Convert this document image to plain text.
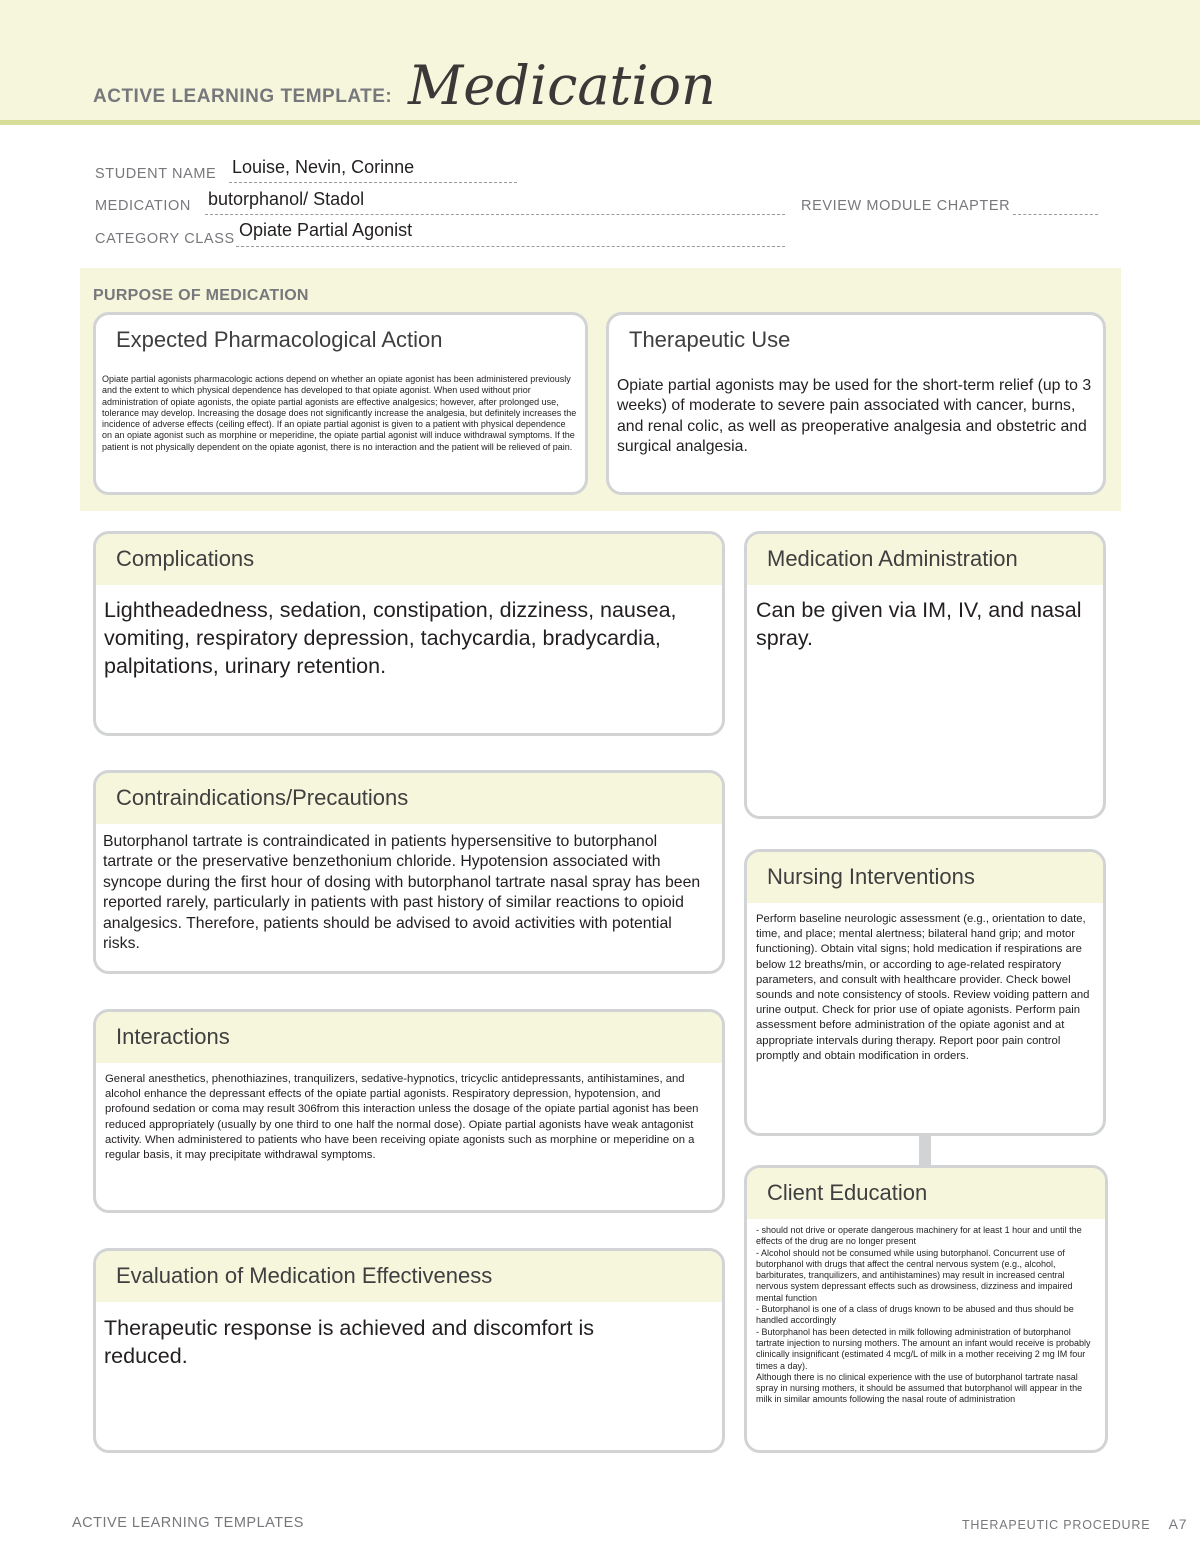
ACTIVE LEARNING TEMPLATE: Medication
STUDENT NAME Louise, Nevin, Corinne
MEDICATION butorphanol/ Stadol	REVIEW MODULE CHAPTER
CATEGORY CLASS Opiate Partial Agonist
PURPOSE OF MEDICATION
Expected Pharmacological Action
Opiate partial agonists pharmacologic actions depend on whether an opiate agonist has been administered previously and the extent to which physical dependence has developed to that opiate agonist. When used without prior administration of opiate agonists, the opiate partial agonists are effective analgesics; however, after prolonged use, tolerance may develop. Increasing the dosage does not significantly increase the analgesia, but definitely increases the incidence of adverse effects (ceiling effect). If an opiate partial agonist is given to a patient with physical dependence on an opiate agonist such as morphine or meperidine, the opiate partial agonist will induce withdrawal symptoms. If the patient is not physically dependent on the opiate agonist, there is no interaction and the patient will be relieved of pain.
Therapeutic Use
Opiate partial agonists may be used for the short-term relief (up to 3 weeks) of moderate to severe pain associated with cancer, burns, and renal colic, as well as preoperative analgesia and obstetric and surgical analgesia.
Complications
Lightheadedness, sedation, constipation, dizziness, nausea, vomiting, respiratory depression, tachycardia, bradycardia, palpitations, urinary retention.
Medication Administration
Can be given via IM, IV, and nasal spray.
Contraindications/Precautions
Butorphanol tartrate is contraindicated in patients hypersensitive to butorphanol tartrate or the preservative benzethonium chloride. Hypotension associated with syncope during the first hour of dosing with butorphanol tartrate nasal spray has been reported rarely, particularly in patients with past history of similar reactions to opioid analgesics. Therefore, patients should be advised to avoid activities with potential risks.
Nursing Interventions
Perform baseline neurologic assessment (e.g., orientation to date, time, and place; mental alertness; bilateral hand grip; and motor functioning). Obtain vital signs; hold medication if respirations are below 12 breaths/min, or according to age-related respiratory parameters, and consult with healthcare provider. Check bowel sounds and note consistency of stools. Review voiding pattern and urine output. Check for prior use of opiate agonists. Perform pain assessment before administration of the opiate agonist and at appropriate intervals during therapy. Report poor pain control promptly and obtain modification in orders.
Interactions
General anesthetics, phenothiazines, tranquilizers, sedative-hypnotics, tricyclic antidepressants, antihistamines, and alcohol enhance the depressant effects of the opiate partial agonists. Respiratory depression, hypotension, and profound sedation or coma may result 306from this interaction unless the dosage of the opiate partial agonist has been reduced appropriately (usually by one third to one half the normal dose). Opiate partial agonists have weak antagonist activity. When administered to patients who have been receiving opiate agonists such as morphine or meperidine on a regular basis, it may precipitate withdrawal symptoms.
Client Education
- should not drive or operate dangerous machinery for at least 1 hour and until the effects of the drug are no longer present
- Alcohol should not be consumed while using butorphanol. Concurrent use of butorphanol with drugs that affect the central nervous system (e.g., alcohol, barbiturates, tranquilizers, and antihistamines) may result in increased central nervous system depressant effects such as drowsiness, dizziness and impaired mental function
- Butorphanol is one of a class of drugs known to be abused and thus should be handled accordingly
- Butorphanol has been detected in milk following administration of butorphanol tartrate injection to nursing mothers. The amount an infant would receive is probably clinically insignificant (estimated 4 mcg/L of milk in a mother receiving 2 mg IM four times a day).
Although there is no clinical experience with the use of butorphanol tartrate nasal spray in nursing mothers, it should be assumed that butorphanol will appear in the milk in similar amounts following the nasal route of administration
Evaluation of Medication Effectiveness
Therapeutic response is achieved and discomfort is reduced.
ACTIVE LEARNING TEMPLATES	THERAPEUTIC PROCEDURE A7
